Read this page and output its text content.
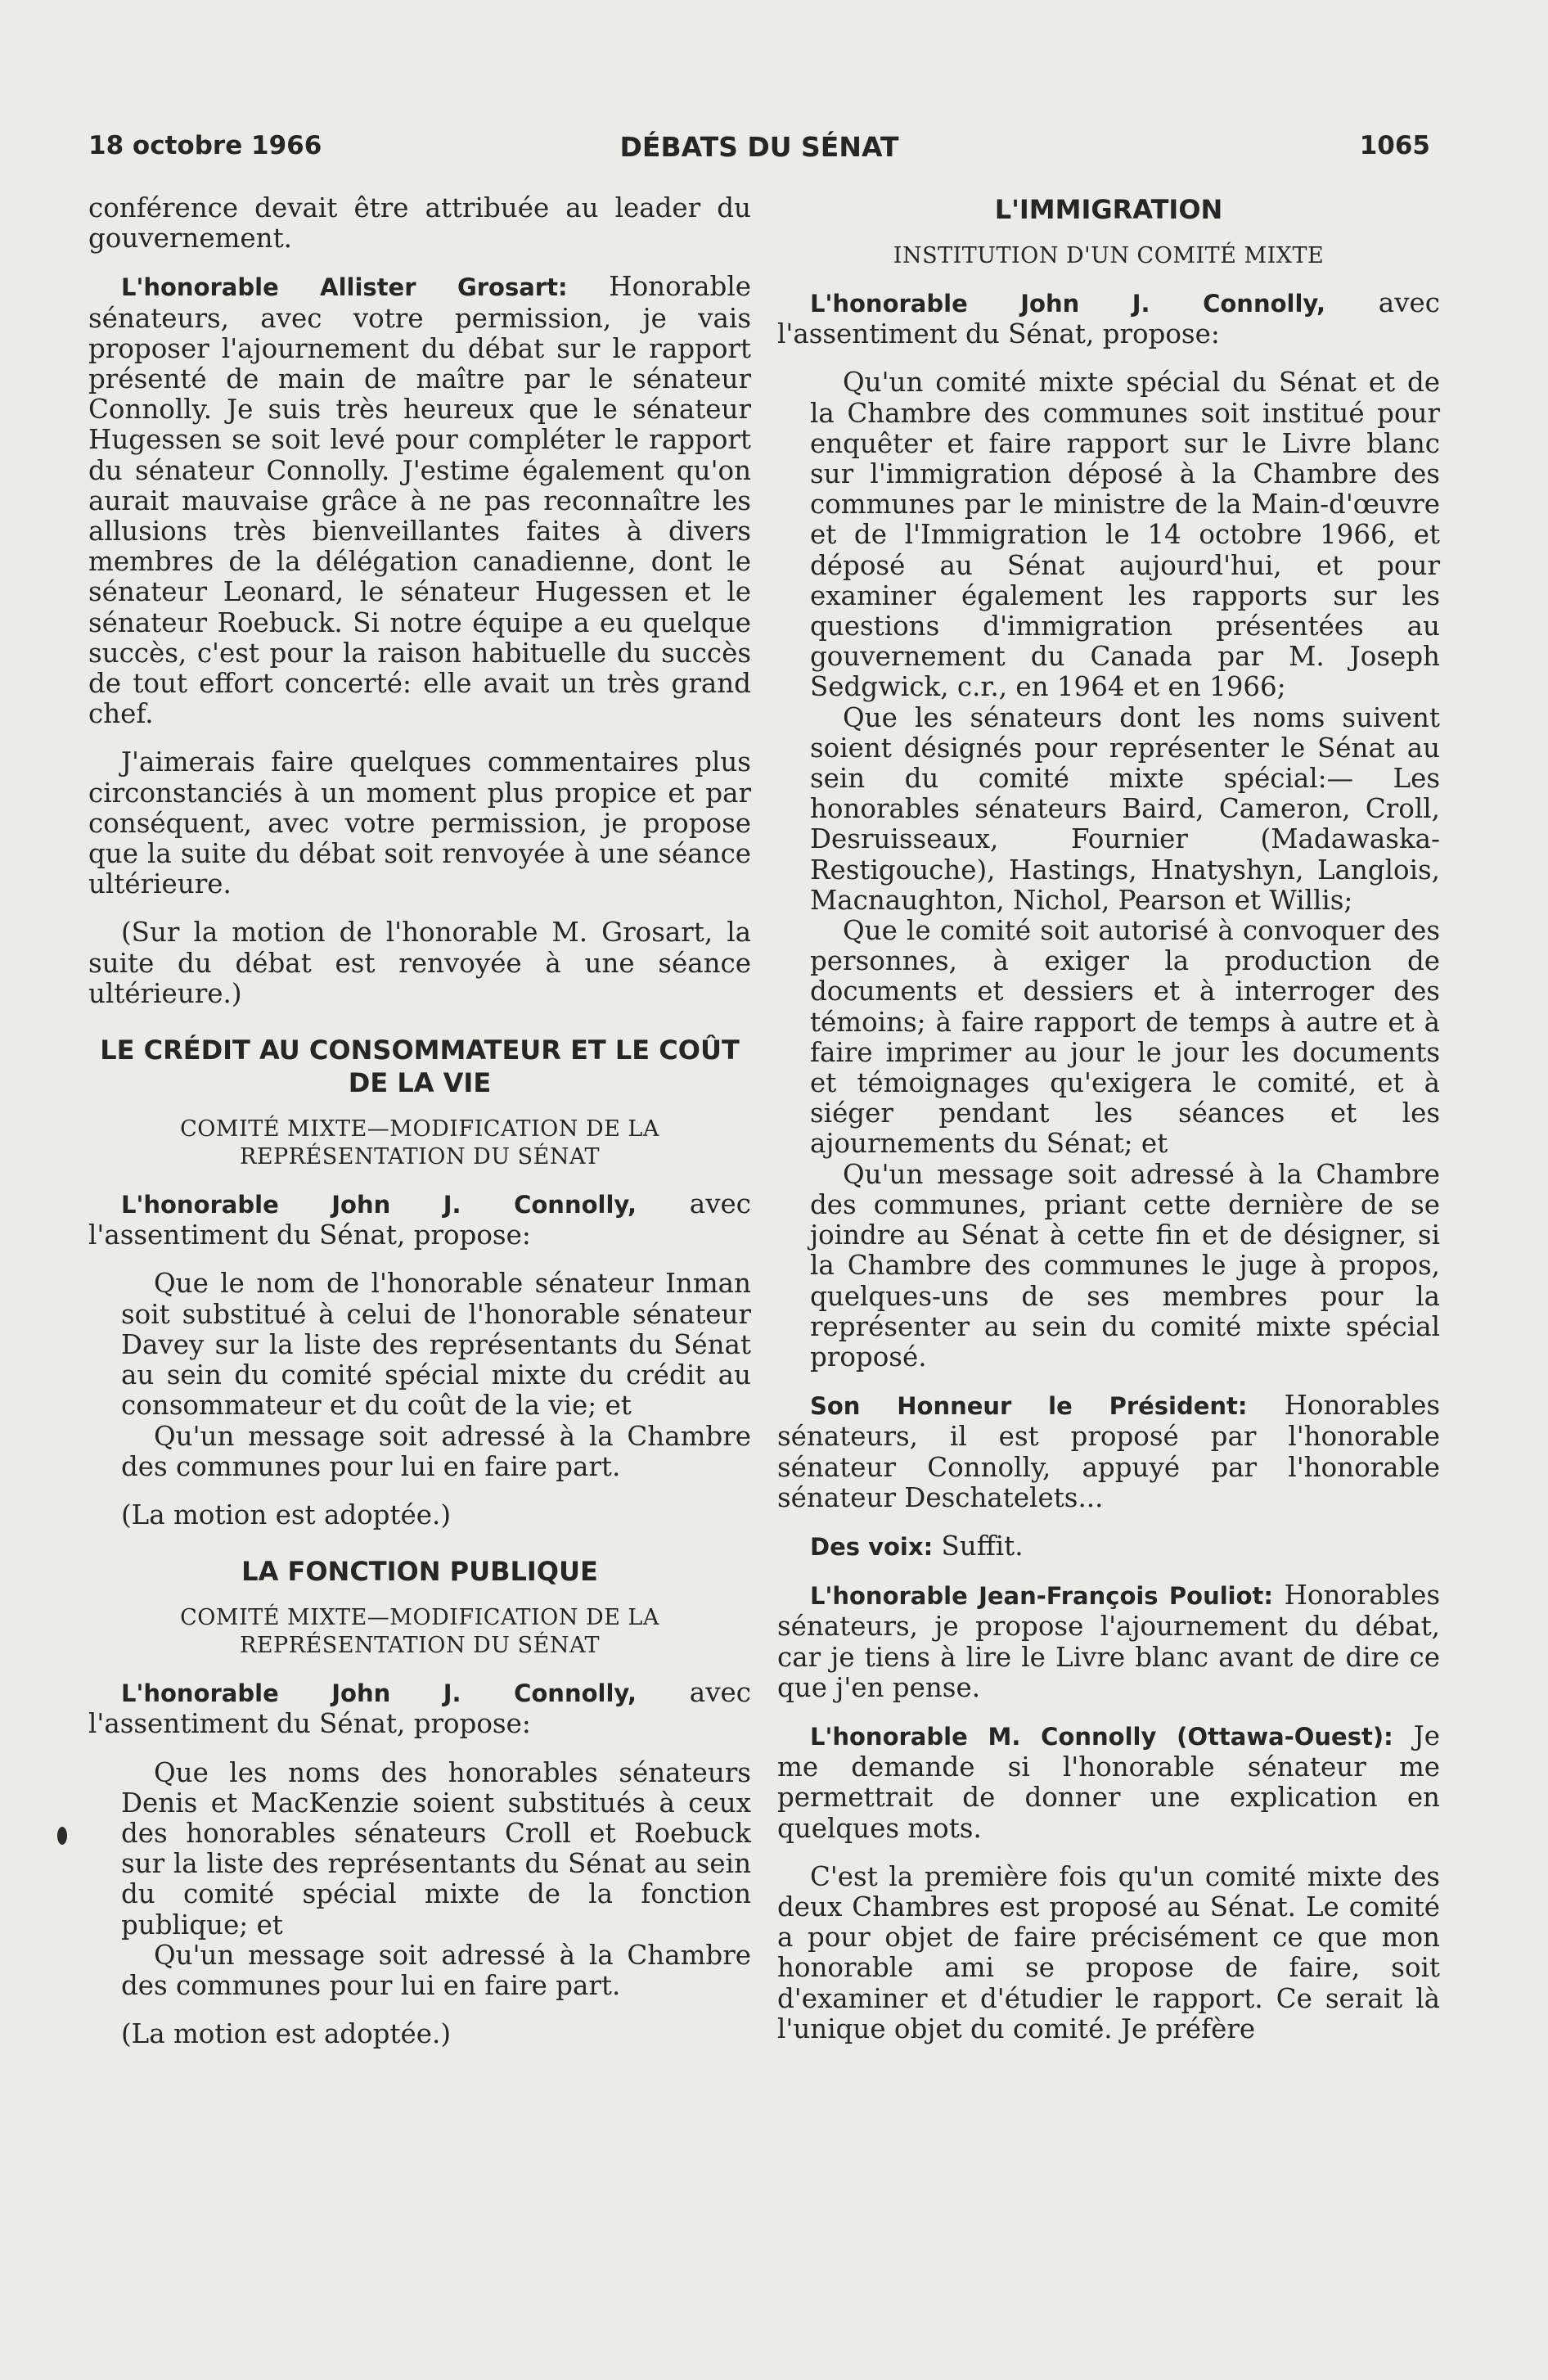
18 octobre 1966	DÉBATS DU SÉNAT	1065

conférence devait être attribuée au leader du gouvernement.

L'honorable Allister Grosart: Honorable sénateurs, avec votre permission, je vais proposer l'ajournement du débat sur le rapport présenté de main de maître par le sénateur Connolly. Je suis très heureux que le sénateur Hugessen se soit levé pour compléter le rapport du sénateur Connolly. J'estime également qu'on aurait mauvaise grâce à ne pas reconnaître les allusions très bienveillantes faites à divers membres de la délégation canadienne, dont le sénateur Leonard, le sénateur Hugessen et le sénateur Roebuck. Si notre équipe a eu quelque succès, c'est pour la raison habituelle du succès de tout effort concerté: elle avait un très grand chef.

J'aimerais faire quelques commentaires plus circonstanciés à un moment plus propice et par conséquent, avec votre permission, je propose que la suite du débat soit renvoyée à une séance ultérieure.

(Sur la motion de l'honorable M. Grosart, la suite du débat est renvoyée à une séance ultérieure.)

LE CRÉDIT AU CONSOMMATEUR ET LE COÛT DE LA VIE
COMITÉ MIXTE—MODIFICATION DE LA REPRÉSENTATION DU SÉNAT

L'honorable John J. Connolly, avec l'assentiment du Sénat, propose:

Que le nom de l'honorable sénateur Inman soit substitué à celui de l'honorable sénateur Davey sur la liste des représentants du Sénat au sein du comité spécial mixte du crédit au consommateur et du coût de la vie; et

Qu'un message soit adressé à la Chambre des communes pour lui en faire part.

(La motion est adoptée.)

LA FONCTION PUBLIQUE
COMITÉ MIXTE—MODIFICATION DE LA REPRÉSENTATION DU SÉNAT

L'honorable John J. Connolly, avec l'assentiment du Sénat, propose:

Que les noms des honorables sénateurs Denis et MacKenzie soient substitués à ceux des honorables sénateurs Croll et Roebuck sur la liste des représentants du Sénat au sein du comité spécial mixte de la fonction publique; et

Qu'un message soit adressé à la Chambre des communes pour lui en faire part.

(La motion est adoptée.)

L'IMMIGRATION
INSTITUTION D'UN COMITÉ MIXTE

L'honorable John J. Connolly, avec l'assentiment du Sénat, propose:

Qu'un comité mixte spécial du Sénat et de la Chambre des communes soit institué pour enquêter et faire rapport sur le Livre blanc sur l'immigration déposé à la Chambre des communes par le ministre de la Main-d'œuvre et de l'Immigration le 14 octobre 1966, et déposé au Sénat aujourd'hui, et pour examiner également les rapports sur les questions d'immigration présentées au gouvernement du Canada par M. Joseph Sedgwick, c.r., en 1964 et en 1966;

Que les sénateurs dont les noms suivent soient désignés pour représenter le Sénat au sein du comité mixte spécial:— Les honorables sénateurs Baird, Cameron, Croll, Desruisseaux, Fournier (Madawaska-Restigouche), Hastings, Hnatyshyn, Langlois, Macnaughton, Nichol, Pearson et Willis;

Que le comité soit autorisé à convoquer des personnes, à exiger la production de documents et dessiers et à interroger des témoins; à faire rapport de temps à autre et à faire imprimer au jour le jour les documents et témoignages qu'exigera le comité, et à siéger pendant les séances et les ajournements du Sénat; et

Qu'un message soit adressé à la Chambre des communes, priant cette dernière de se joindre au Sénat à cette fin et de désigner, si la Chambre des communes le juge à propos, quelques-uns de ses membres pour la représenter au sein du comité mixte spécial proposé.

Son Honneur le Président: Honorables sénateurs, il est proposé par l'honorable sénateur Connolly, appuyé par l'honorable sénateur Deschatelets...

Des voix: Suffit.

L'honorable Jean-François Pouliot: Honorables sénateurs, je propose l'ajournement du débat, car je tiens à lire le Livre blanc avant de dire ce que j'en pense.

L'honorable M. Connolly (Ottawa-Ouest): Je me demande si l'honorable sénateur me permettrait de donner une explication en quelques mots.

C'est la première fois qu'un comité mixte des deux Chambres est proposé au Sénat. Le comité a pour objet de faire précisément ce que mon honorable ami se propose de faire, soit d'examiner et d'étudier le rapport. Ce serait là l'unique objet du comité. Je préfère
